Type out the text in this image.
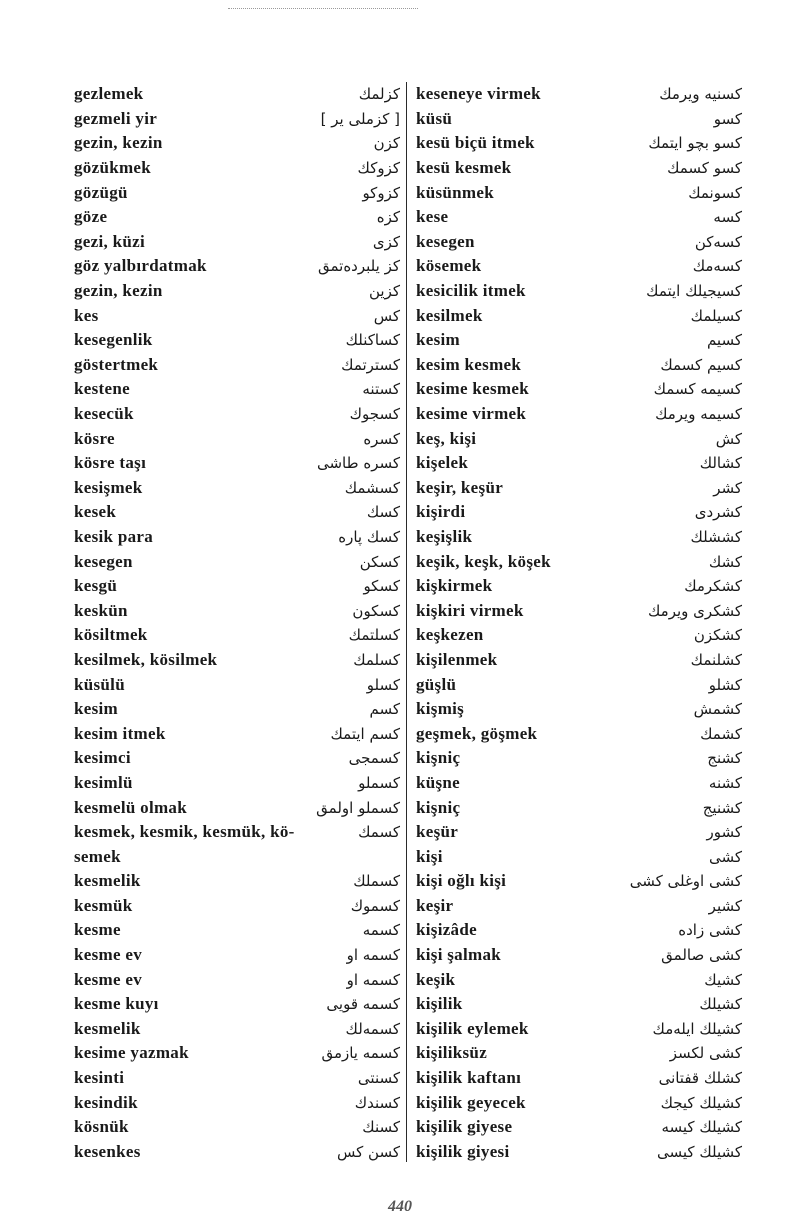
gezlemek	کزلمك
gezmeli yir	[ کزملی یر ]
gezin, kezin	کزن
gözükmek	کزوکك
gözügü	کزوکو
göze	کزه
gezi, küzi	کزی
göz yalbırdatmak	کز یلبردەتمق
gezin, kezin	کزین
kes	کس
kesegenlik	کساکنلك
göstertmek	کسترتمك
kestene	کستنه
kesecük	کسجوك
kösre	کسره
kösre taşı	کسره طاشی
kesişmek	کسشمك
kesek	کسك
kesik para	کسك پاره
kesegen	کسکن
kesgü	کسکو
keskün	کسکون
kösiltmek	کسلتمك
kesilmek, kösilmek	کسلمك
küsülü	کسلو
kesim	کسم
kesim itmek	کسم ایتمك
kesimci	کسمجی
kesimlü	کسملو
kesmelü olmak	کسملو اولمق
kesmek, kesmik, kesmük, kö-	کسمك
semek
kesmelik	کسملك
kesmük	کسموك
kesme	کسمه
kesme ev	کسمه او
kesme ev	کسمه او
kesme kuyı	کسمه قویی
kesmelik	کسمەلك
kesime yazmak	کسمه یازمق
kesinti	کسنتی
kesindik	کسندك
kösnük	کسنك
kesenkes	کسن کس
keseneye virmek	کسنیه ویرمك
küsü	کسو
kesü biçü itmek	کسو بچو ایتمك
kesü kesmek	کسو کسمك
küsünmek	کسونمك
kese	کسه
kesegen	کسەکن
kösemek	کسەمك
kesicilik itmek	کسیجیلك ایتمك
kesilmek	کسیلمك
kesim	کسیم
kesim kesmek	کسیم کسمك
kesime kesmek	کسیمه کسمك
kesime virmek	کسیمه ویرمك
keş, kişi	کش
kişelek	کشالك
keşir, keşür	کشر
kişirdi	کشردی
keşişlik	کششلك
keşik, keşk, köşek	کشك
kişkirmek	کشکرمك
kişkiri virmek	کشکری ویرمك
keşkezen	کشکزن
kişilenmek	کشلنمك
güşlü	کشلو
kişmiş	کشمش
geşmek, göşmek	کشمك
kişniç	کشنج
küşne	کشنه
kişniç	کشنیج
keşür	کشور
kişi	کشی
kişi oğlı kişi	کشی اوغلی کشی
keşir	کشیر
kişizâde	کشی زاده
kişi şalmak	کشی صالمق
keşik	کشیك
kişilik	کشیلك
kişilik eylemek	کشیلك ایلەمك
kişiliksüz	کشی لکسز
kişilik kaftanı	کشلك قفتانی
kişilik geyecek	کشیلك کیجك
kişilik giyese	کشیلك کیسه
kişilik giyesi	کشیلك کیسی
440
